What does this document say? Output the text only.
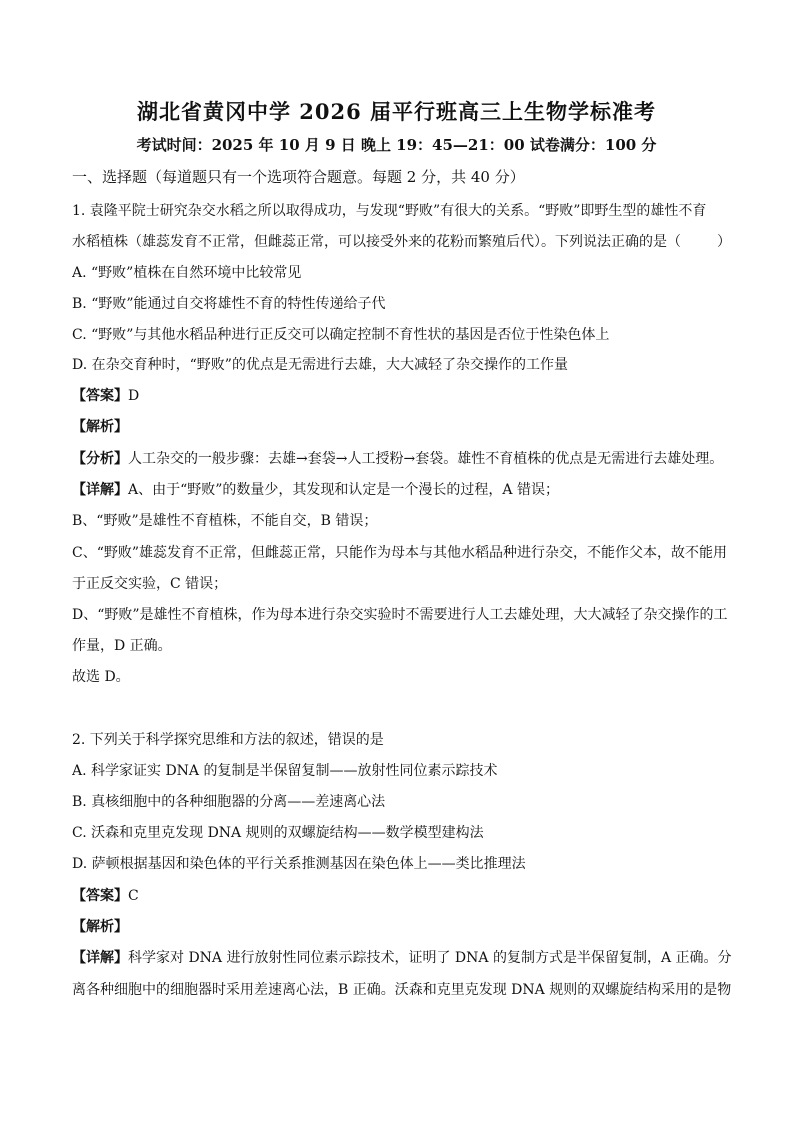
湖北省黄冈中学 2026 届平行班高三上生物学标准考
考试时间：2025 年 10 月 9 日 晚上 19：45—21：00 试卷满分：100 分
一、选择题（每道题只有一个选项符合题意。每题 2 分，共 40 分）
1. 袁隆平院士研究杂交水稻之所以取得成功，与发现“野败”有很大的关系。“野败”即野生型的雄性不育
水稻植株（雄蕊发育不正常，但雌蕊正常，可以接受外来的花粉而繁殖后代）。下列说法正确的是（	）
A. “野败”植株在自然环境中比较常见
B. “野败”能通过自交将雄性不育的特性传递给子代
C. “野败”与其他水稻品种进行正反交可以确定控制不育性状的基因是否位于性染色体上
D. 在杂交育种时，“野败”的优点是无需进行去雄，大大减轻了杂交操作的工作量
【答案】D
【解析】
【分析】人工杂交的一般步骤：去雄→套袋→人工授粉→套袋。雄性不育植株的优点是无需进行去雄处理。
【详解】A、由于“野败”的数量少，其发现和认定是一个漫长的过程，A 错误；
B、“野败”是雄性不育植株，不能自交，B 错误；
C、“野败”雄蕊发育不正常，但雌蕊正常，只能作为母本与其他水稻品种进行杂交，不能作父本，故不能用
于正反交实验，C 错误；
D、“野败”是雄性不育植株，作为母本进行杂交实验时不需要进行人工去雄处理，大大减轻了杂交操作的工
作量，D 正确。
故选 D。
2. 下列关于科学探究思维和方法的叙述，错误的是
A. 科学家证实 DNA 的复制是半保留复制——放射性同位素示踪技术
B. 真核细胞中的各种细胞器的分离——差速离心法
C. 沃森和克里克发现 DNA 规则的双螺旋结构——数学模型建构法
D. 萨顿根据基因和染色体的平行关系推测基因在染色体上——类比推理法
【答案】C
【解析】
【详解】科学家对 DNA 进行放射性同位素示踪技术，证明了 DNA 的复制方式是半保留复制，A 正确。分
离各种细胞中的细胞器时采用差速离心法，B 正确。沃森和克里克发现 DNA 规则的双螺旋结构采用的是物
